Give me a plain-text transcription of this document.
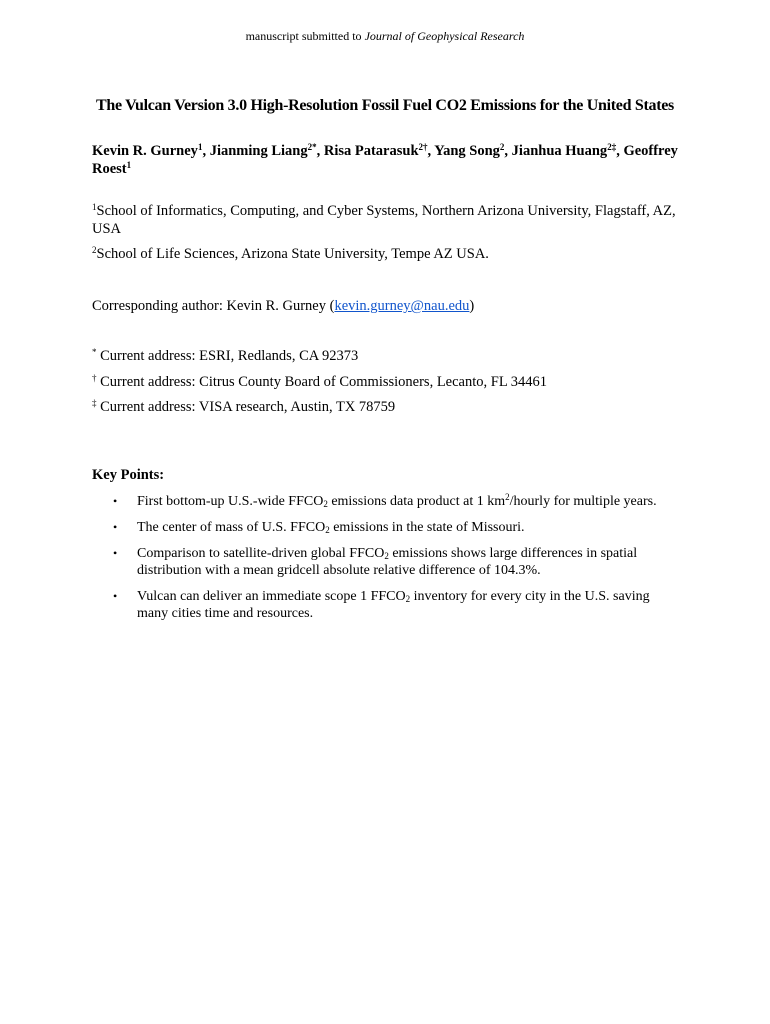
manuscript submitted to Journal of Geophysical Research
The Vulcan Version 3.0 High-Resolution Fossil Fuel CO2 Emissions for the United States
Kevin R. Gurney$^1$, Jianming Liang$^{2*}$, Risa Patarasuk$^{2\dagger}$, Yang Song$^2$, Jianhua Huang$^{2\ddagger}$, Geoffrey Roest$^1$
$^1$School of Informatics, Computing, and Cyber Systems, Northern Arizona University, Flagstaff, AZ, USA
$^2$School of Life Sciences, Arizona State University, Tempe AZ USA.
Corresponding author: Kevin R. Gurney (kevin.gurney@nau.edu)
* Current address: ESRI, Redlands, CA 92373
† Current address: Citrus County Board of Commissioners, Lecanto, FL 34461
‡ Current address: VISA research, Austin, TX 78759
Key Points:
• First bottom-up U.S.-wide $FFCO_2$ emissions data product at 1 $km^2$/hourly for multiple years.
• The center of mass of U.S. $FFCO_2$ emissions in the state of Missouri.
• Comparison to satellite-driven global $FFCO_2$ emissions shows large differences in spatial distribution with a mean gridcell absolute relative difference of 104.3%.
• Vulcan can deliver an immediate scope 1 $FFCO_2$ inventory for every city in the U.S. saving many cities time and resources.
